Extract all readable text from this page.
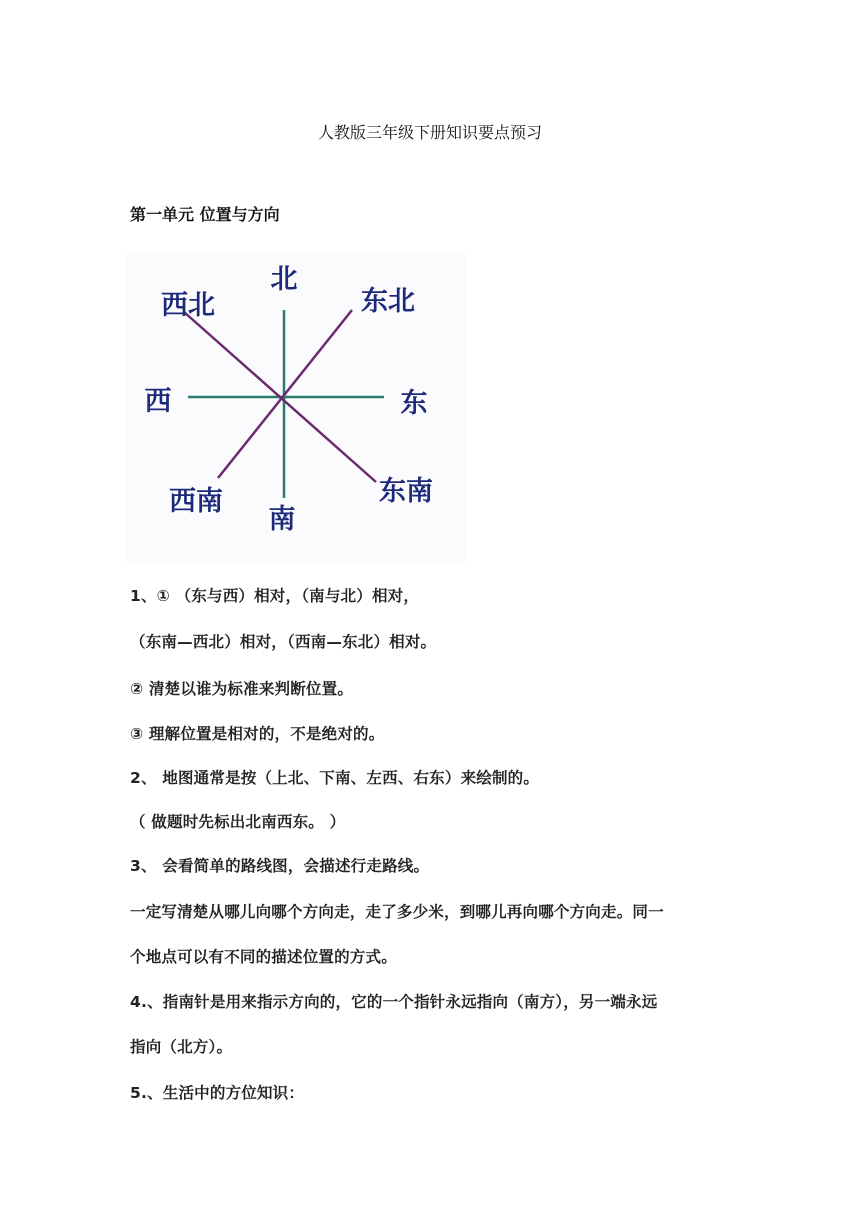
人教版三年级下册知识要点预习
第一单元 位置与方向
北
西北	东北
西	东
西南
南
东南
1、① （东与西）相对，（南与北）相对，
（东南—西北）相对，（西南—东北）相对。
② 清楚以谁为标准来判断位置。
③ 理解位置是相对的，不是绝对的。
2、 地图通常是按（上北、下南、左西、右东）来绘制的。
（ 做题时先标出北南西东。 ）
3、 会看简单的路线图，会描述行走路线。
一定写清楚从哪儿向哪个方向走，走了多少米，到哪儿再向哪个方向走。同一
个地点可以有不同的描述位置的方式。
4.、指南针是用来指示方向的，它的一个指针永远指向（南方），另一端永远
指向（北方）。
5.、生活中的方位知识：
